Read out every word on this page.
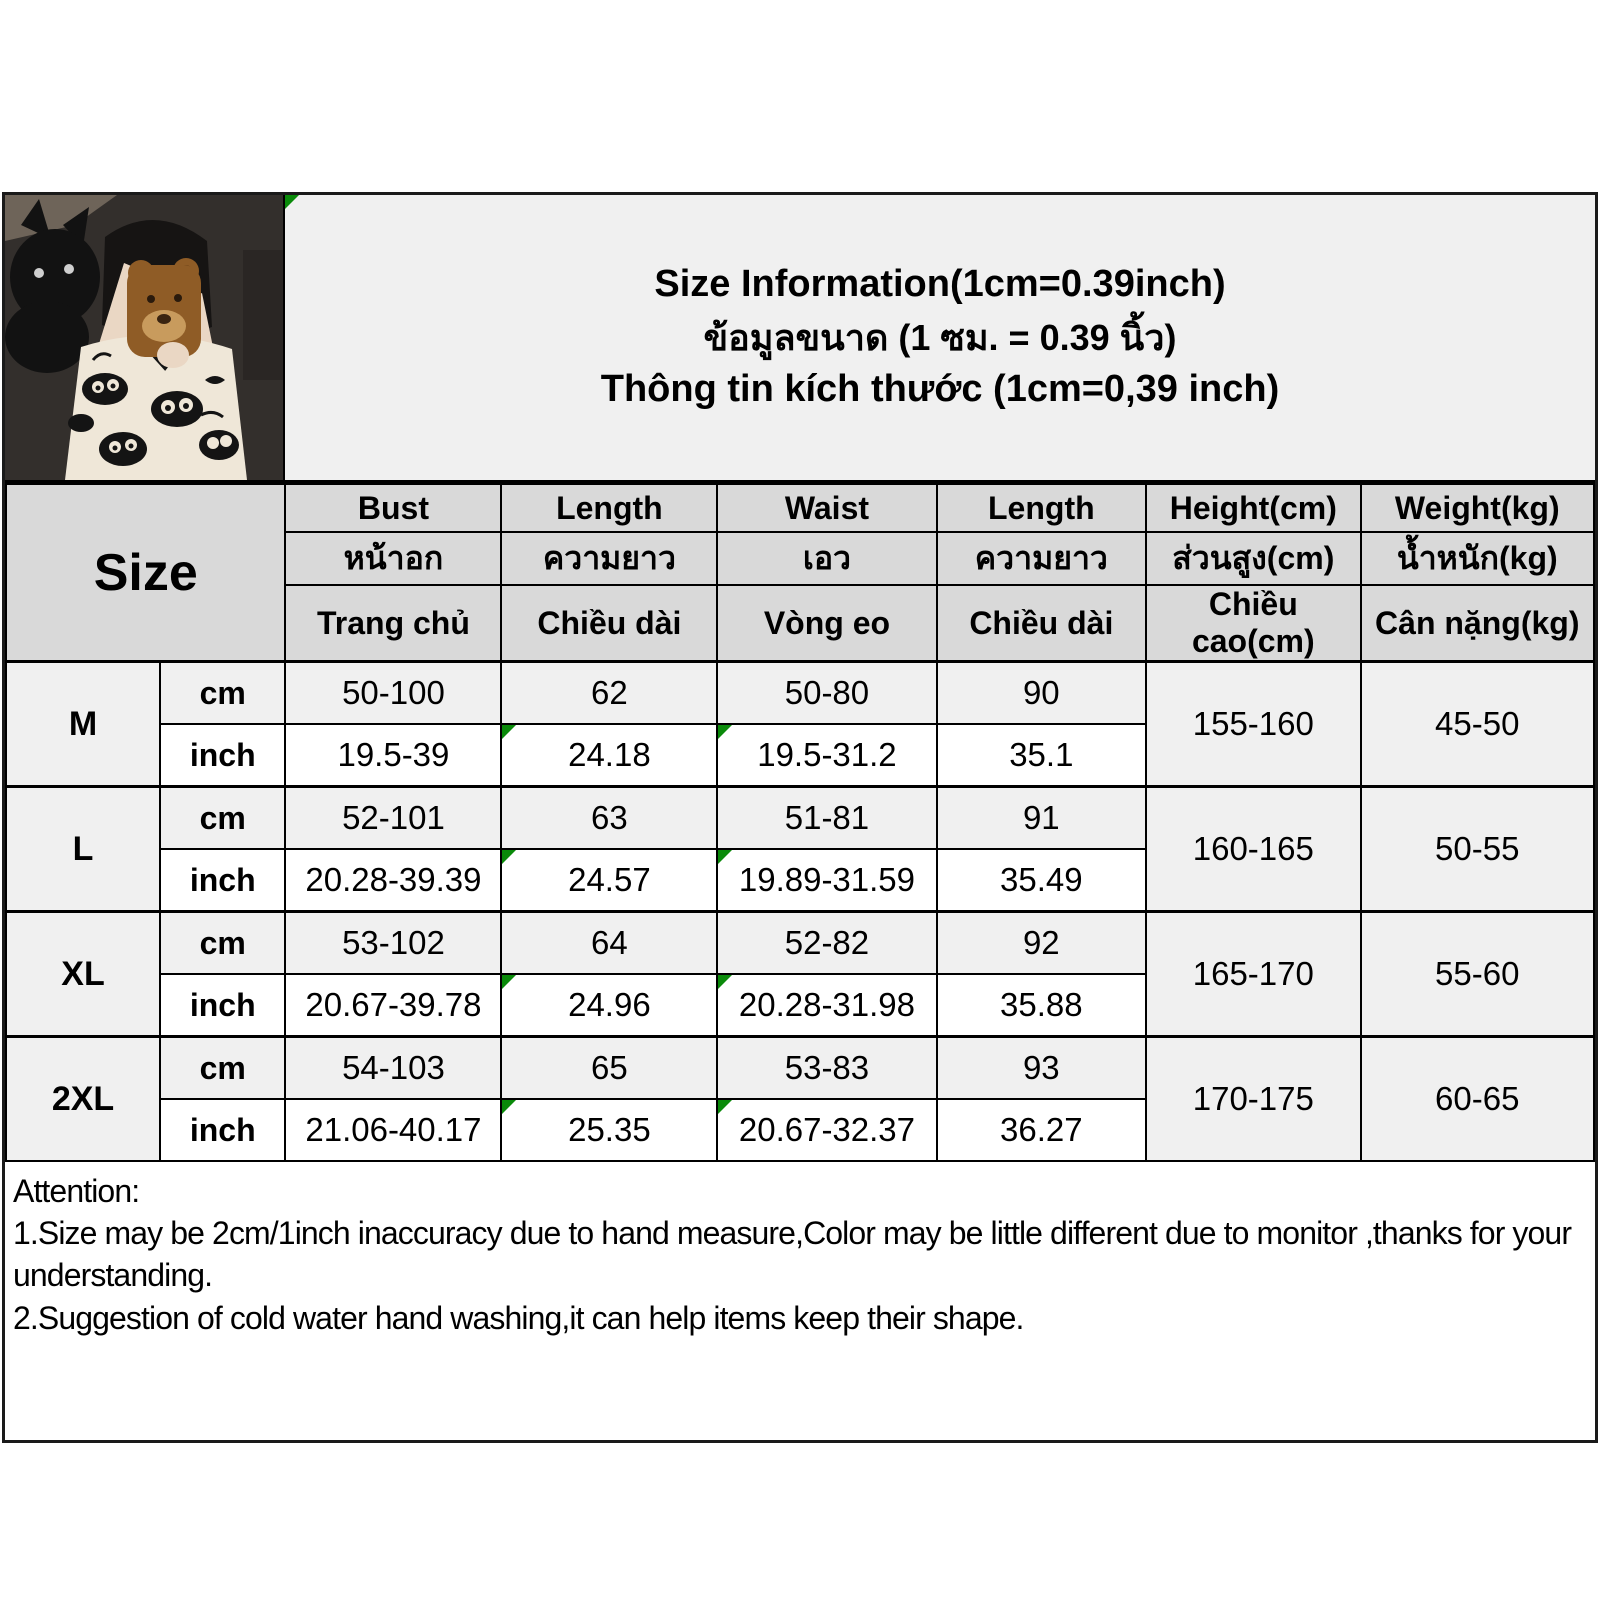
Size Information(1cm=0.39inch)
ข้อมูลขนาด (1 ซม. = 0.39 นิ้ว)
Thông tin kích thước (1cm=0,39 inch)
Size		Bust	Length	Waist	Length	Height(cm)	Weight(kg)
		หน้าอก	ความยาว	เอว	ความยาว	ส่วนสูง(cm)	น้ำหนัก(kg)
		Trang chủ	Chiều dài	Vòng eo	Chiều dài	Chiều cao(cm)	Cân nặng(kg)
M	cm	50-100	62	50-80	90	155-160	45-50
	inch	19.5-39	24.18	19.5-31.2	35.1		
L	cm	52-101	63	51-81	91	160-165	50-55
	inch	20.28-39.39	24.57	19.89-31.59	35.49		
XL	cm	53-102	64	52-82	92	165-170	55-60
	inch	20.67-39.78	24.96	20.28-31.98	35.88		
2XL	cm	54-103	65	53-83	93	170-175	60-65
	inch	21.06-40.17	25.35	20.67-32.37	36.27		
Attention:
1.Size may be 2cm/1inch inaccuracy due to hand measure,Color may be little different due to monitor ,thanks for your understanding.
2.Suggestion of cold water hand washing,it can help items keep their shape.
